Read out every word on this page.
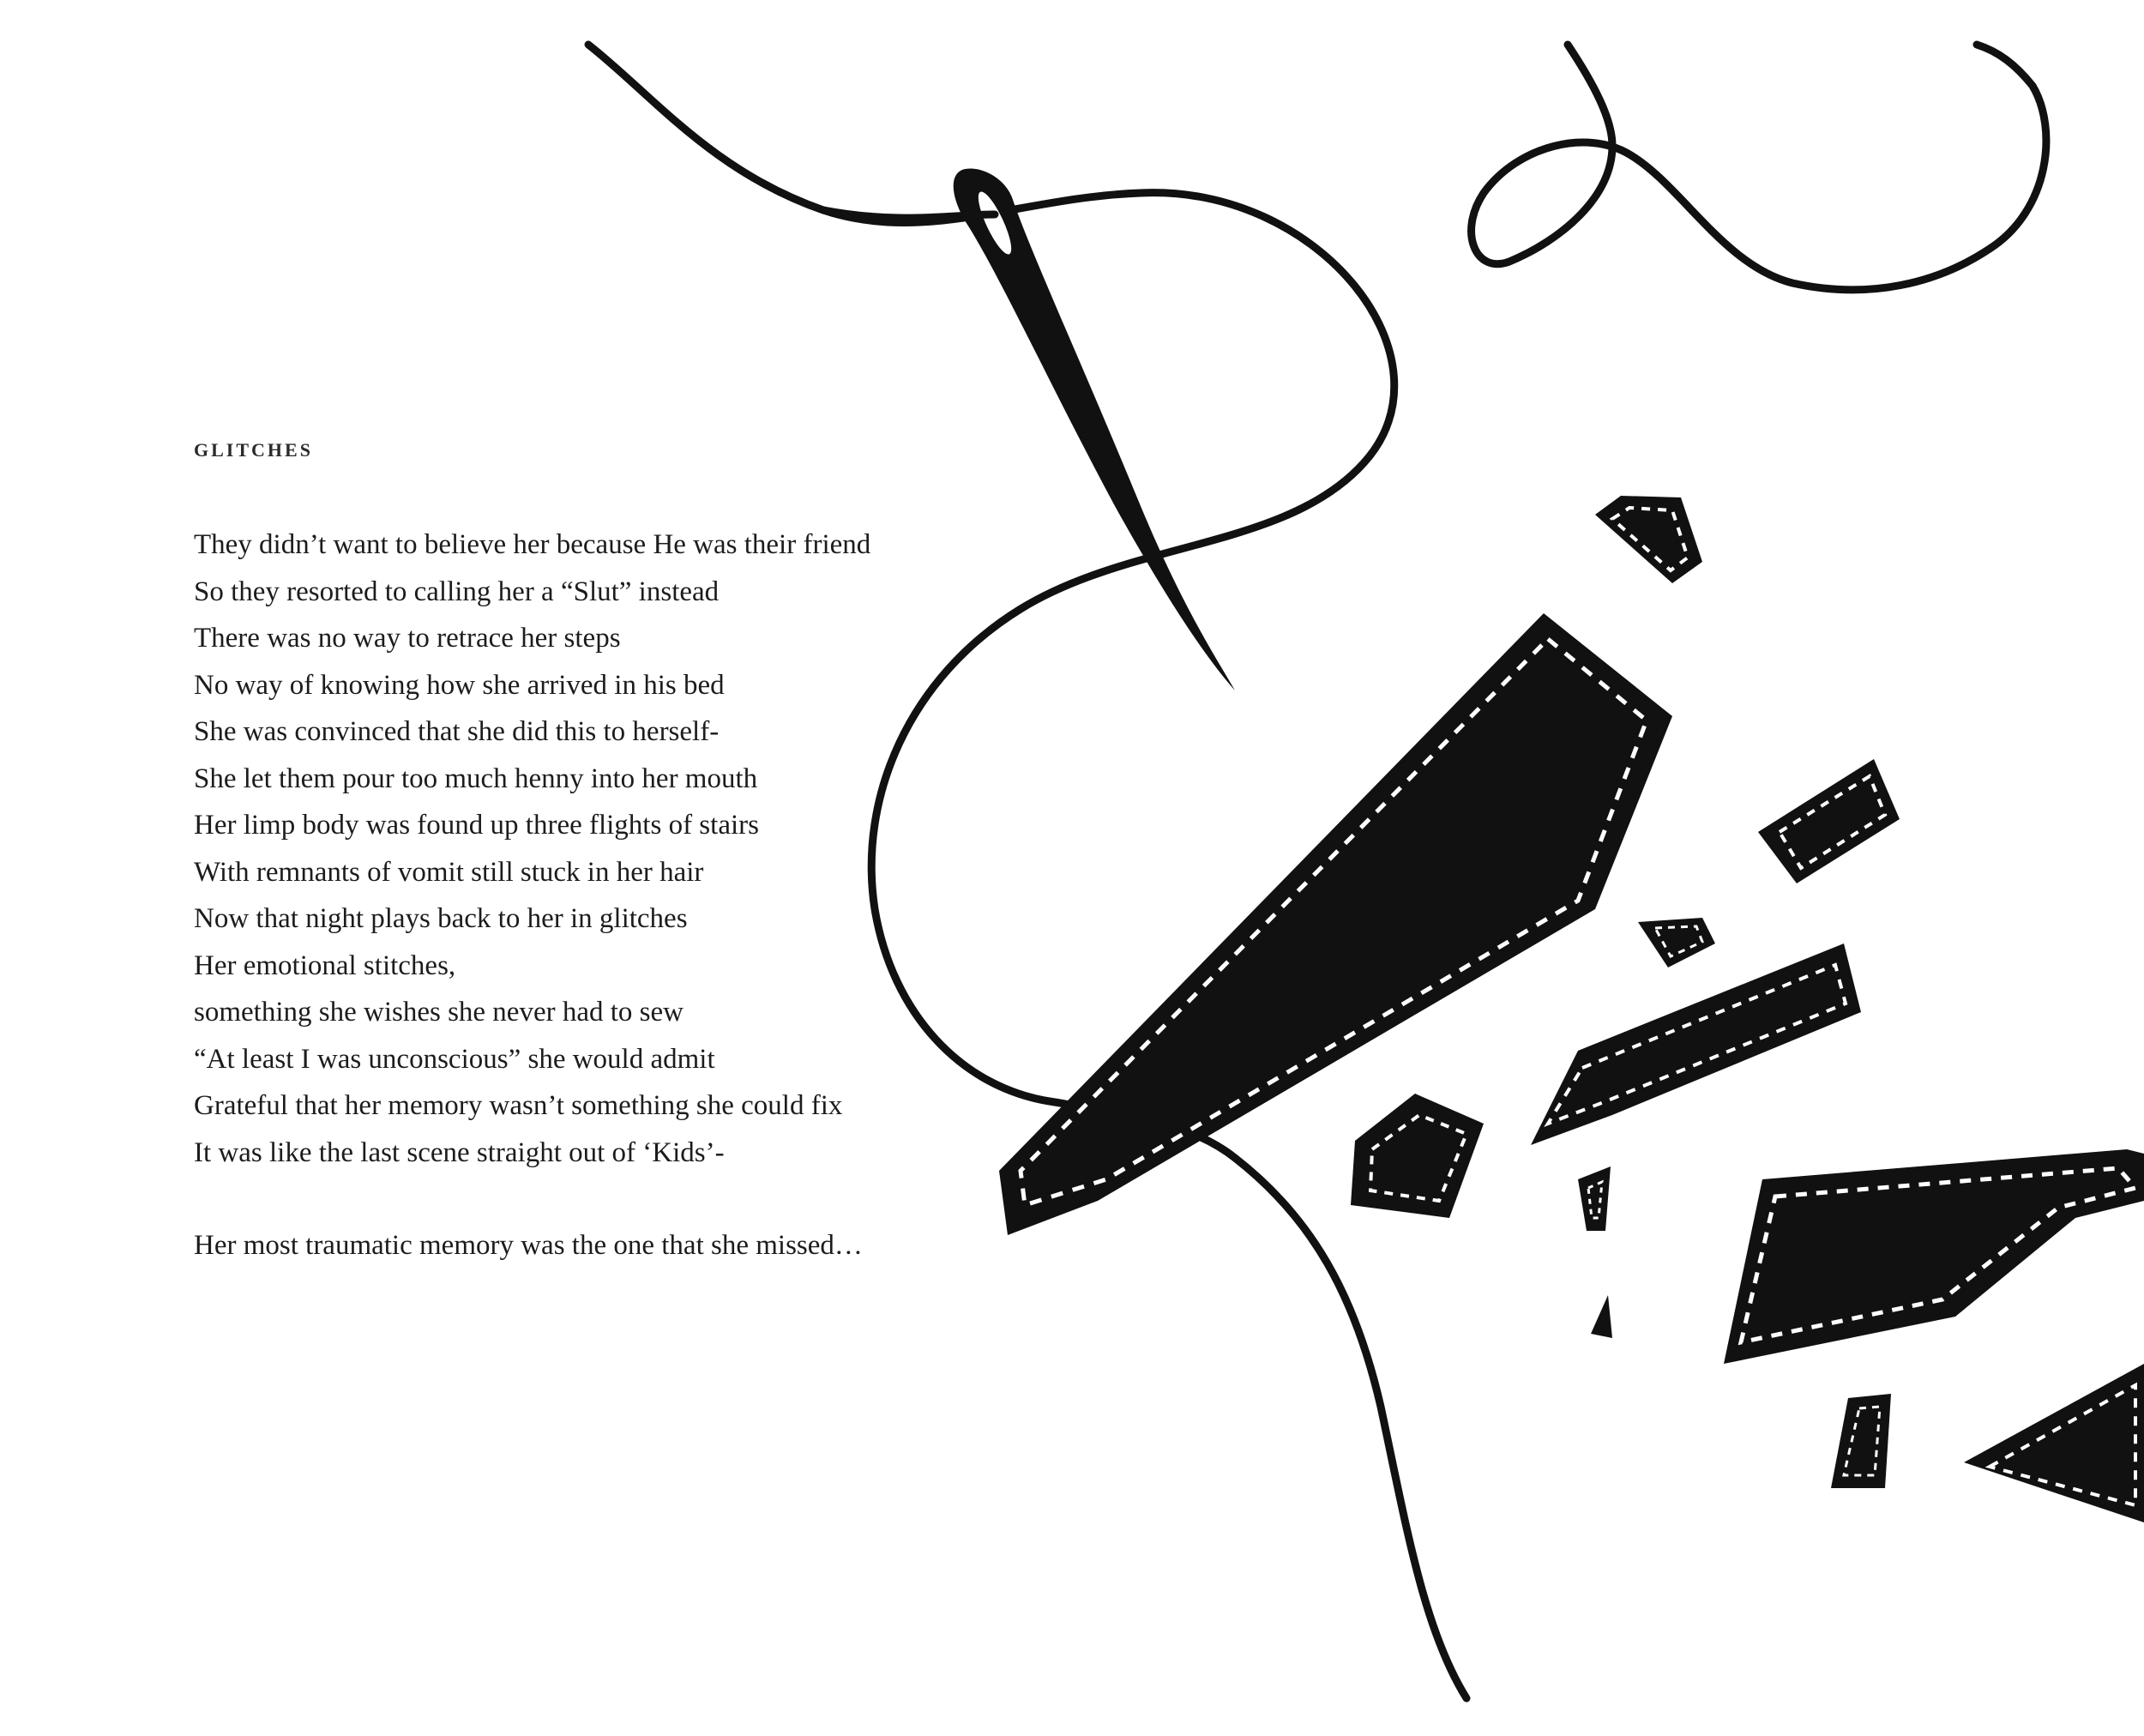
GLITCHES
They didn’t want to believe her because He was their friend
So they resorted to calling her a “Slut” instead
There was no way to retrace her steps
No way of knowing how she arrived in his bed
She was convinced that she did this to herself-
She let them pour too much henny into her mouth
Her limp body was found up three flights of stairs
With remnants of vomit still stuck in her hair
Now that night plays back to her in glitches
Her emotional stitches,
something she wishes she never had to sew
“At least I was unconscious” she would admit
Grateful that her memory wasn’t something she could fix
It was like the last scene straight out of ‘Kids’-

Her most traumatic memory was the one that she missed…
